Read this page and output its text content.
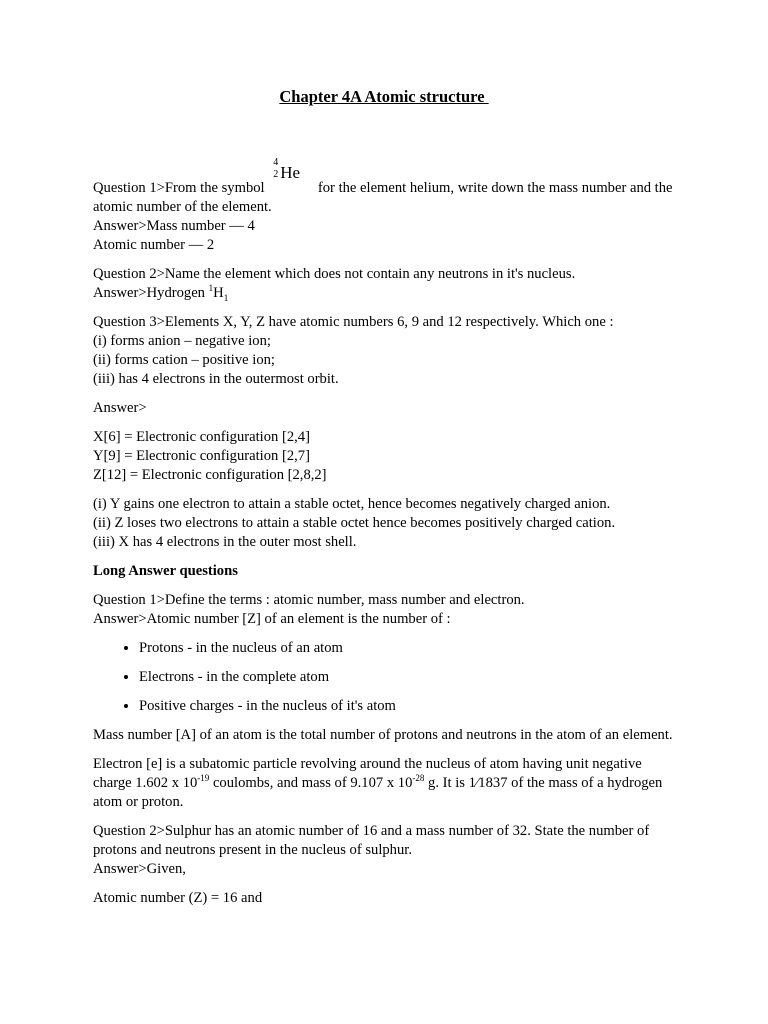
Chapter 4A Atomic structure

Question 1>From the symbol
4
2 He
for the element helium, write down the mass number and the atomic number of the element.
Answer>Mass number — 4
Atomic number — 2

Question 2>Name the element which does not contain any neutrons in it's nucleus.
Answer>Hydrogen $^1H_1$

Question 3>Elements X, Y, Z have atomic numbers 6, 9 and 12 respectively. Which one :
(i) forms anion – negative ion;
(ii) forms cation – positive ion;
(iii) has 4 electrons in the outermost orbit.

Answer>

X[6] = Electronic configuration [2,4]
Y[9] = Electronic configuration [2,7]
Z[12] = Electronic configuration [2,8,2]

(i) Y gains one electron to attain a stable octet, hence becomes negatively charged anion.
(ii) Z loses two electrons to attain a stable octet hence becomes positively charged cation.
(iii) X has 4 electrons in the outer most shell.

Long Answer questions

Question 1>Define the terms : atomic number, mass number and electron.
Answer>Atomic number [Z] of an element is the number of :

• Protons - in the nucleus of an atom
• Electrons - in the complete atom
• Positive charges - in the nucleus of it's atom

Mass number [A] of an atom is the total number of protons and neutrons in the atom of an element.

Electron [e] is a subatomic particle revolving around the nucleus of atom having unit negative charge 1.602 x $10^{-19}$ coulombs, and mass of 9.107 x $10^{-28}$ g. It is 1⁄1837 of the mass of a hydrogen atom or proton.

Question 2>Sulphur has an atomic number of 16 and a mass number of 32. State the number of protons and neutrons present in the nucleus of sulphur.
Answer>Given,

Atomic number (Z) = 16 and
